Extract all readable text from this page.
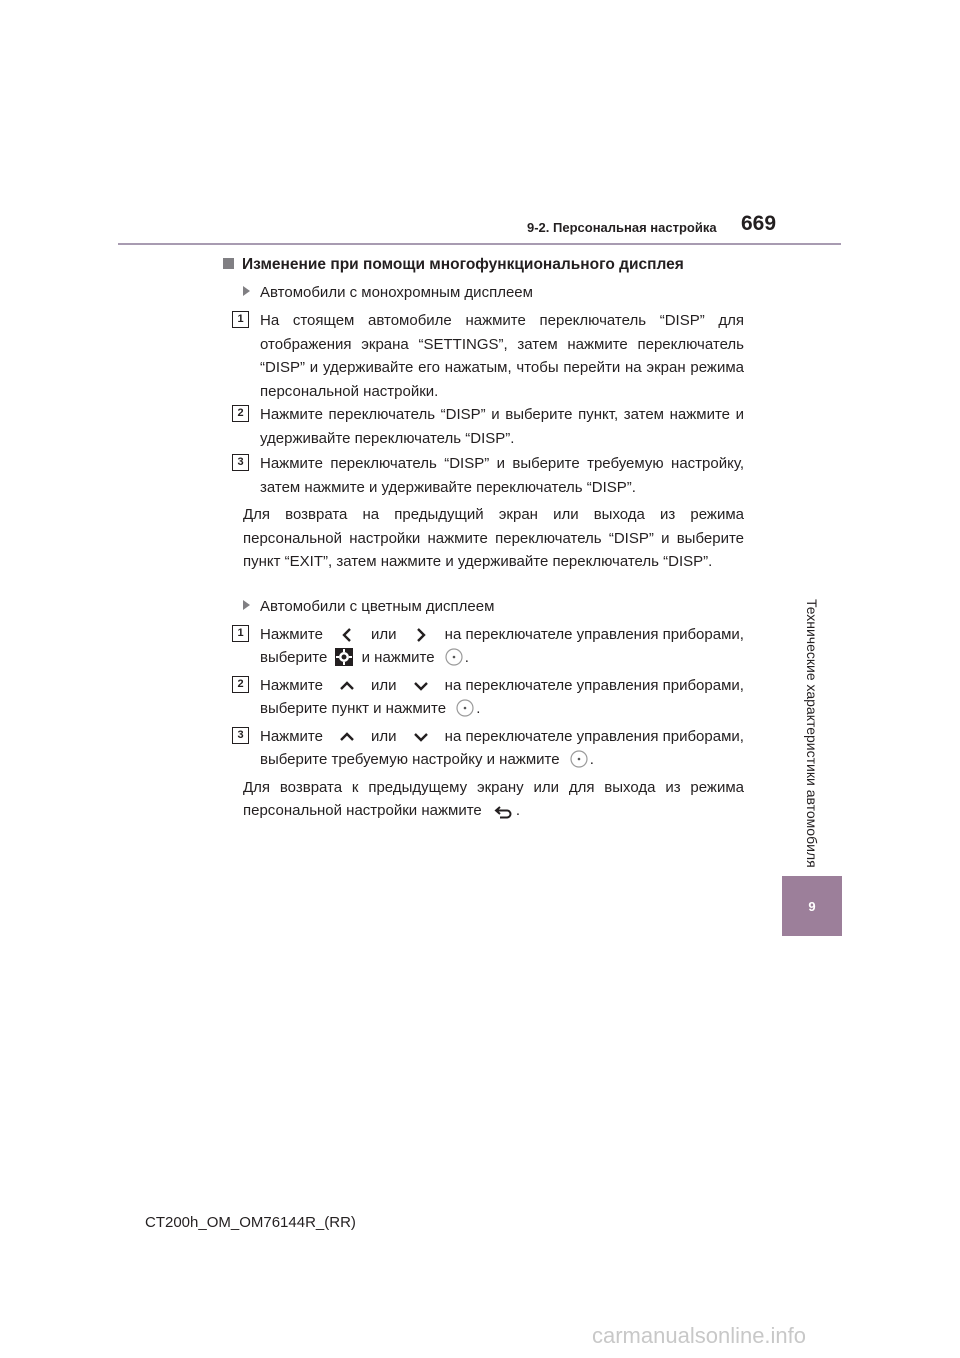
9-2. Персональная настройка 669
Технические характеристики автомобиля
9
Изменение при помощи многофункционального дисплея
Автомобили с монохромным дисплеем
1	На стоящем автомобиле нажмите переключатель “DISP” для отображения экрана “SETTINGS”, затем нажмите переключатель “DISP” и удерживайте его нажатым, чтобы перейти на экран режима персональной настройки.
2	Нажмите переключатель “DISP” и выберите пункт, затем нажмите и удерживайте переключатель “DISP”.
3	Нажмите переключатель “DISP” и выберите требуемую настройку, затем нажмите и удерживайте переключатель “DISP”.
Для возврата на предыдущий экран или выхода из режима персональной настройки нажмите переключатель “DISP” и выберите пункт “EXIT”, затем нажмите и удерживайте переключатель “DISP”.
Автомобили с цветным дисплеем
1	Нажмите	или	на переключателе управления приборами,
выберите и нажмите .
2	Нажмите	или	на переключателе управления приборами,
выберите пункт и нажмите .
3	Нажмите	или	на переключателе управления приборами,
выберите требуемую настройку и нажмите .
Для возврата к предыдущему экрану или для выхода из режима
персональной настройки нажмите .
CT200h_OM_OM76144R_(RR)
carmanualsonline.info
